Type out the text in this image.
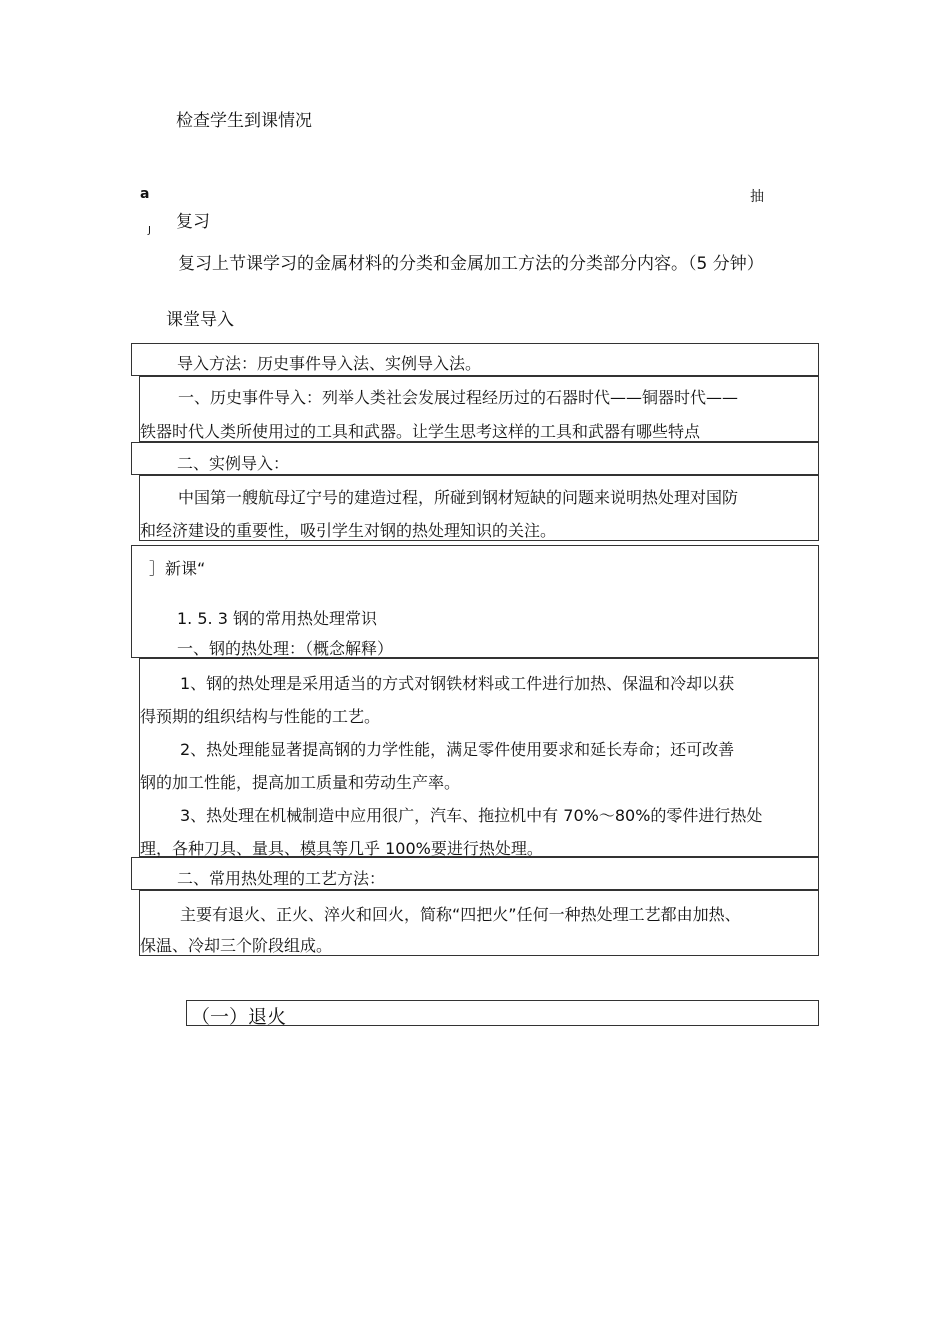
检查学生到课情况
a	抽
J 复习
复习上节课学习的金属材料的分类和金属加工方法的分类部分内容。（5 分钟）
课堂导入
导入方法：历史事件导入法、实例导入法。
一、历史事件导入：列举人类社会发展过程经历过的石器时代——铜器时代——
铁器时代人类所使用过的工具和武器。让学生思考这样的工具和武器有哪些特点
二、实例导入：
中国第一艘航母辽宁号的建造过程，所碰到钢材短缺的问题来说明热处理对国防
和经济建设的重要性，吸引学生对钢的热处理知识的关注。
］新课“
1. 5. 3 钢的常用热处理常识
一、钢的热处理：（概念解释）
1、钢的热处理是采用适当的方式对钢铁材料或工件进行加热、保温和冷却以获
得预期的组织结构与性能的工艺。
2、热处理能显著提高钢的力学性能，满足零件使用要求和延长寿命；还可改善
钢的加工性能，提高加工质量和劳动生产率。
3、热处理在机械制造中应用很广，汽车、拖拉机中有 70%〜80%的零件进行热处
理，各种刀具、量具、模具等几乎 100%要进行热处理。
二、常用热处理的工艺方法：
主要有退火、正火、淬火和回火，简称“四把火”任何一种热处理工艺都由加热、
保温、冷却三个阶段组成。
（一）退火
